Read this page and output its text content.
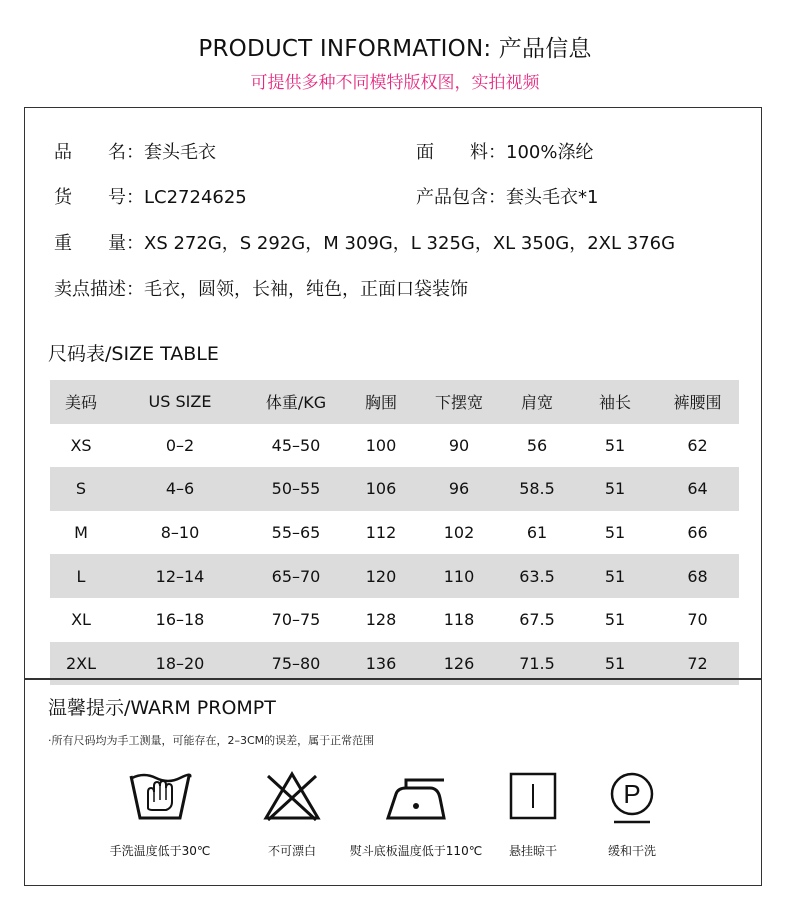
PRODUCT INFORMATION: 产品信息
可提供多种不同模特版权图，实拍视频
品　　名：套头毛衣	面　　料：100%涤纶
货　　号：LC2724625	产品包含：套头毛衣*1
重　　量：XS 272G，S 292G，M 309G，L 325G，XL 350G，2XL 376G
卖点描述：毛衣，圆领，长袖，纯色，正面口袋装饰
尺码表/SIZE TABLE
美码	US SIZE	体重/KG	胸围	下摆宽	肩宽	袖长	裤腰围
XS	0–2	45–50	100	90	56	51	62
S	4–6	50–55	106	96	58.5	51	64
M	8–10	55–65	112	102	61	51	66
L	12–14	65–70	120	110	63.5	51	68
XL	16–18	70–75	128	118	67.5	51	70
2XL	18–20	75–80	136	126	71.5	51	72
温馨提示/WARM PROMPT
·所有尺码均为手工测量，可能存在，2–3CM的误差，属于正常范围
手洗温度低于30℃	不可漂白	熨斗底板温度低于110℃	悬挂晾干
P
缓和干洗
